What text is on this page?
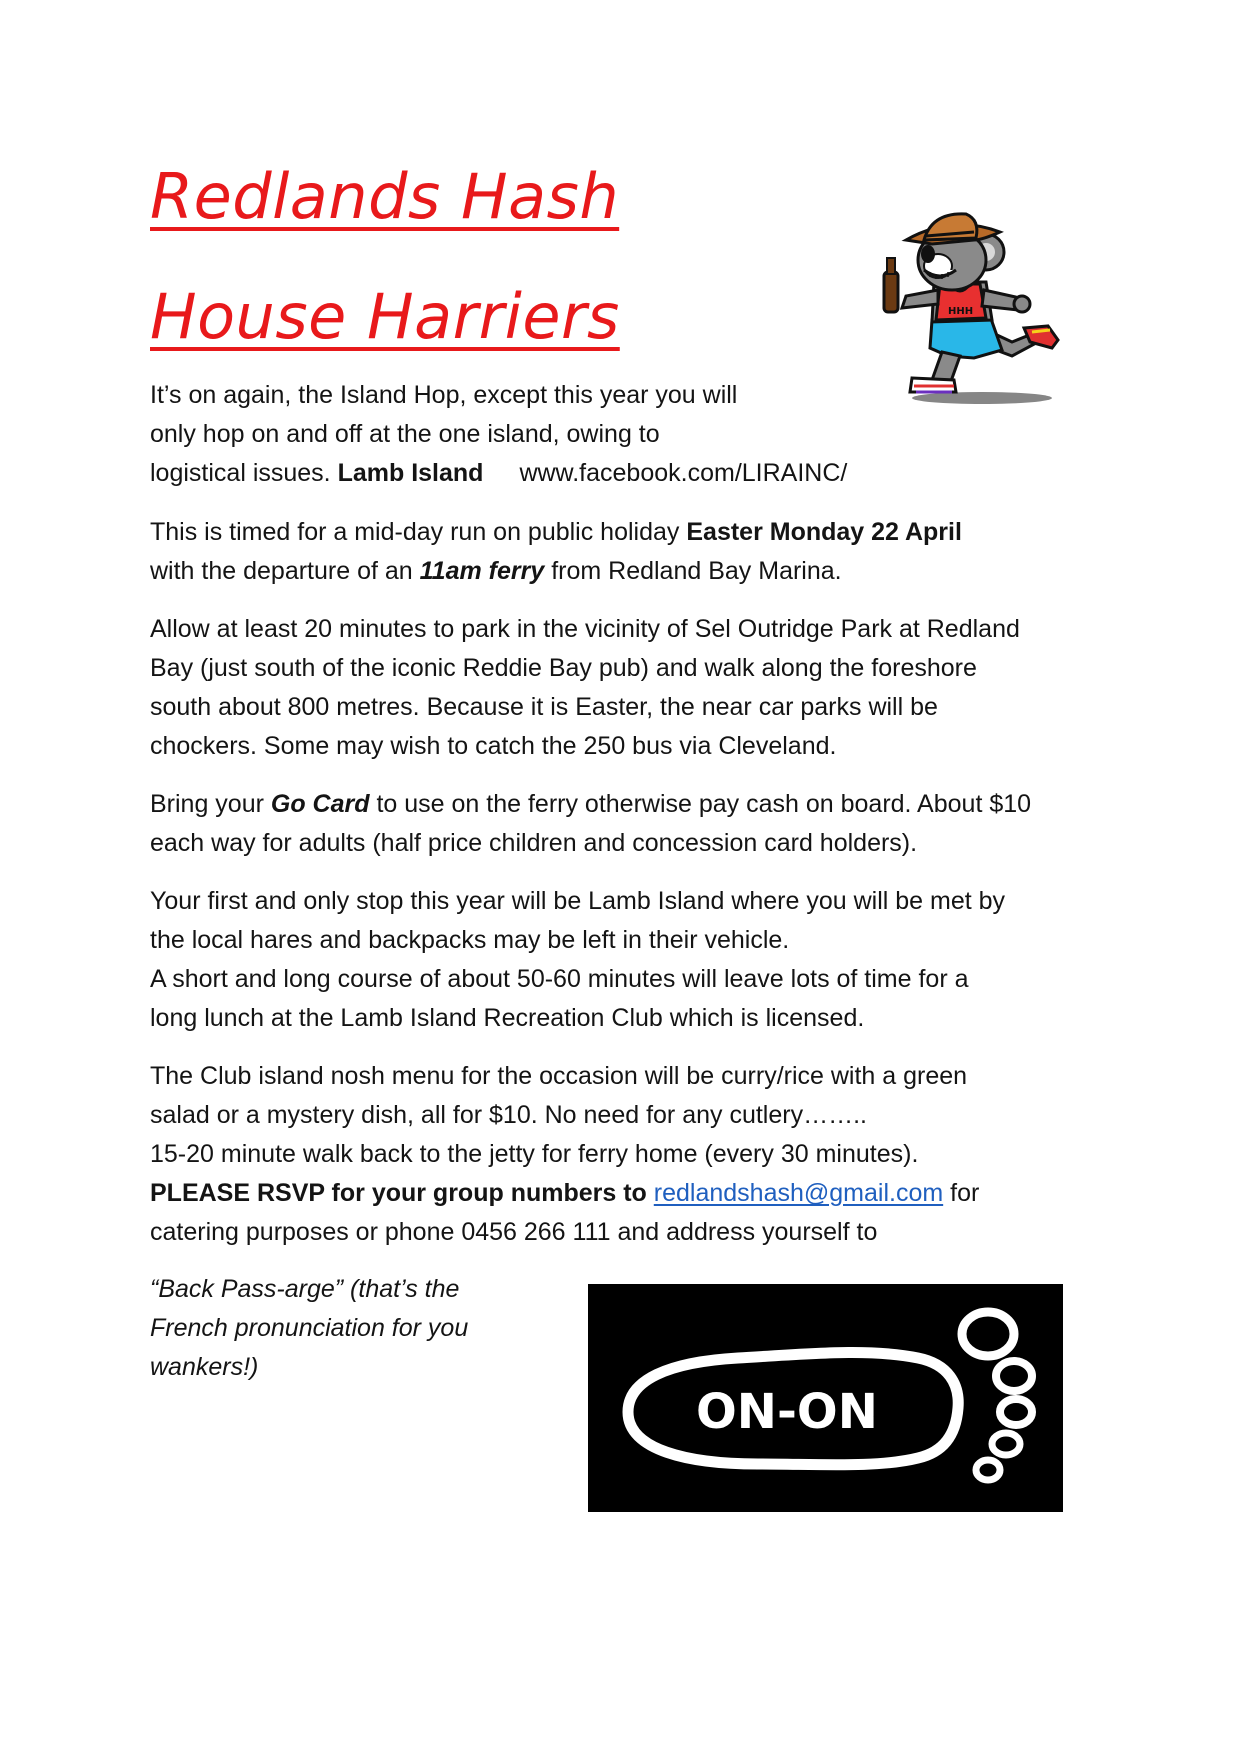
Redlands Hash
House Harriers	HHH

It’s on again, the Island Hop, except this year you will
only hop on and off at the one island, owing to
logistical issues. Lamb Island www.facebook.com/LIRAINC/

This is timed for a mid-day run on public holiday Easter Monday 22 April
with the departure of an 11am ferry from Redland Bay Marina.

Allow at least 20 minutes to park in the vicinity of Sel Outridge Park at Redland
Bay (just south of the iconic Reddie Bay pub) and walk along the foreshore
south about 800 metres. Because it is Easter, the near car parks will be
chockers. Some may wish to catch the 250 bus via Cleveland.

Bring your Go Card to use on the ferry otherwise pay cash on board. About $10
each way for adults (half price children and concession card holders).

Your first and only stop this year will be Lamb Island where you will be met by
the local hares and backpacks may be left in their vehicle.
A short and long course of about 50-60 minutes will leave lots of time for a
long lunch at the Lamb Island Recreation Club which is licensed.

The Club island nosh menu for the occasion will be curry/rice with a green
salad or a mystery dish, all for $10. No need for any cutlery……..
15-20 minute walk back to the jetty for ferry home (every 30 minutes).

PLEASE RSVP for your group numbers to redlandshash@gmail.com for
catering purposes or phone 0456 266 111 and address yourself to

“Back Pass-arge” (that’s the
French pronunciation for you
wankers!)

ON-ON
